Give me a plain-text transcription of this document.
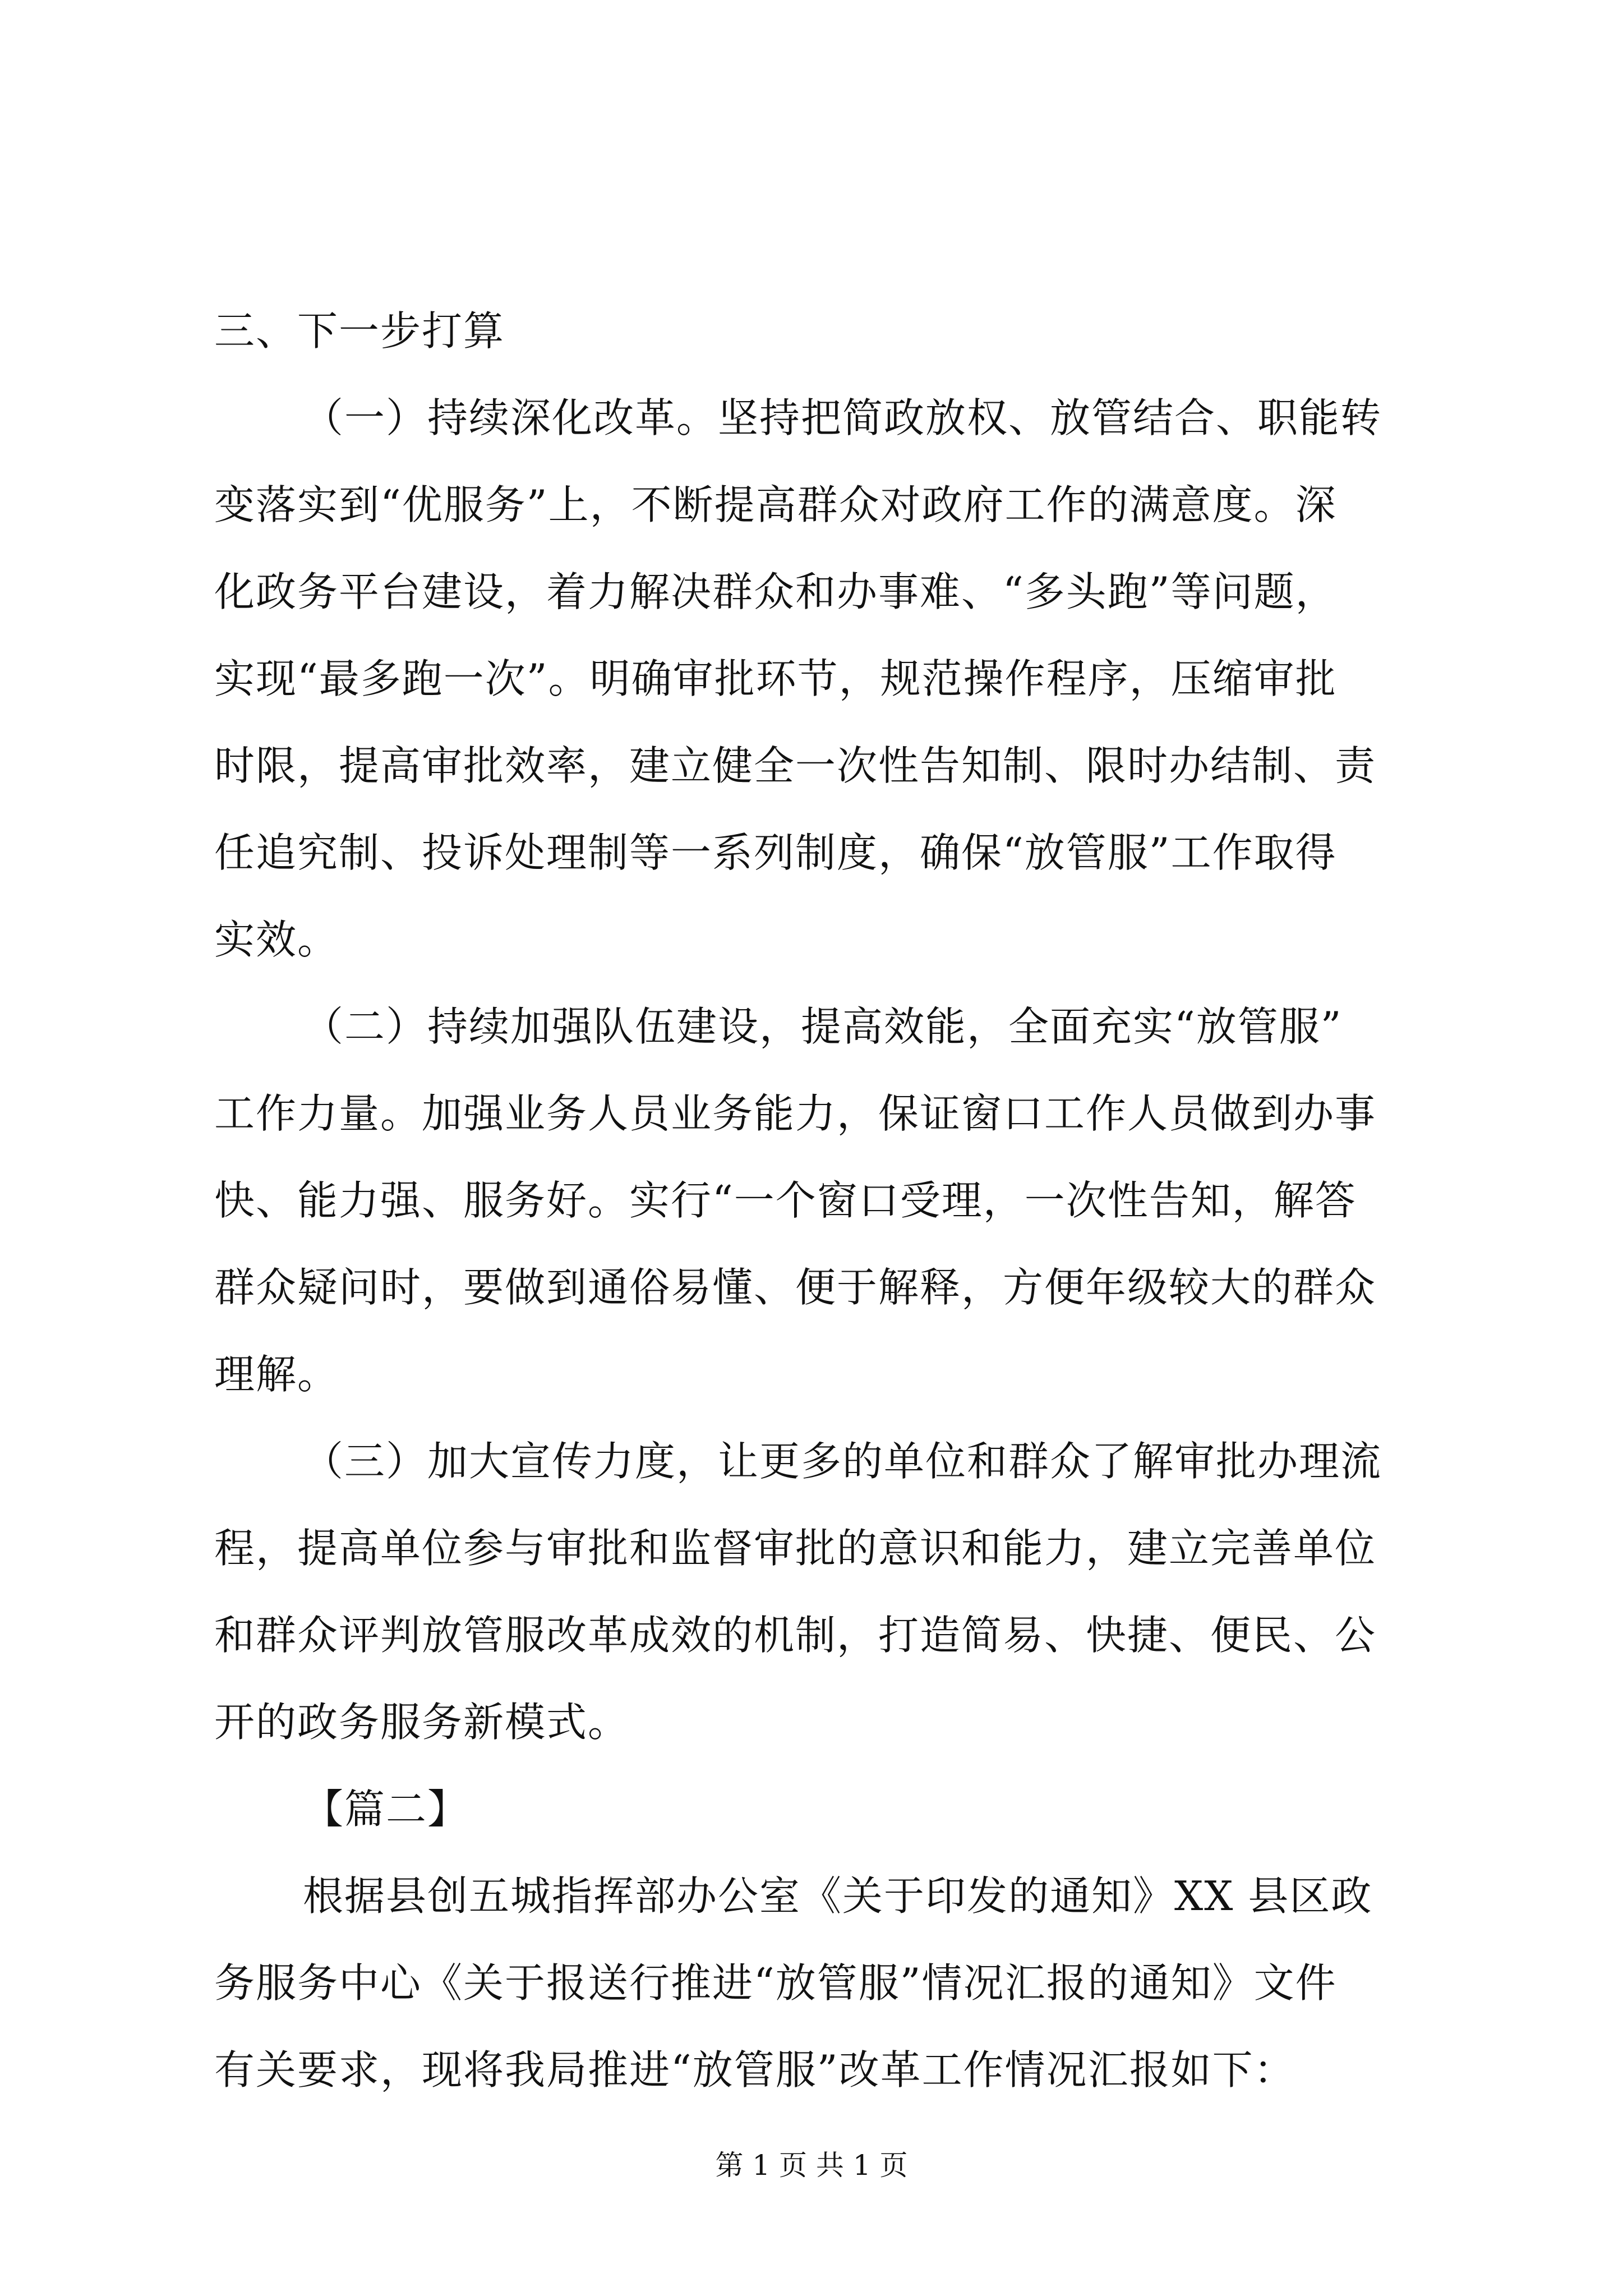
三、下一步打算
（一）持续深化改革。坚持把简政放权、放管结合、职能转
变落实到“优服务”上，不断提高群众对政府工作的满意度。深
化政务平台建设，着力解决群众和办事难、“多头跑”等问题，
实现“最多跑一次”。明确审批环节，规范操作程序，压缩审批
时限，提高审批效率，建立健全一次性告知制、限时办结制、责
任追究制、投诉处理制等一系列制度，确保“放管服”工作取得
实效。
（二）持续加强队伍建设，提高效能，全面充实“放管服”
工作力量。加强业务人员业务能力，保证窗口工作人员做到办事
快、能力强、服务好。实行“一个窗口受理，一次性告知，解答
群众疑问时，要做到通俗易懂、便于解释，方便年级较大的群众
理解。
（三）加大宣传力度，让更多的单位和群众了解审批办理流
程，提高单位参与审批和监督审批的意识和能力，建立完善单位
和群众评判放管服改革成效的机制，打造简易、快捷、便民、公
开的政务服务新模式。
【篇二】
根据县创五城指挥部办公室《关于印发的通知》XX 县区政
务服务中心《关于报送行推进“放管服”情况汇报的通知》文件
有关要求，现将我局推进“放管服”改革工作情况汇报如下：
第 1 页 共 1 页
